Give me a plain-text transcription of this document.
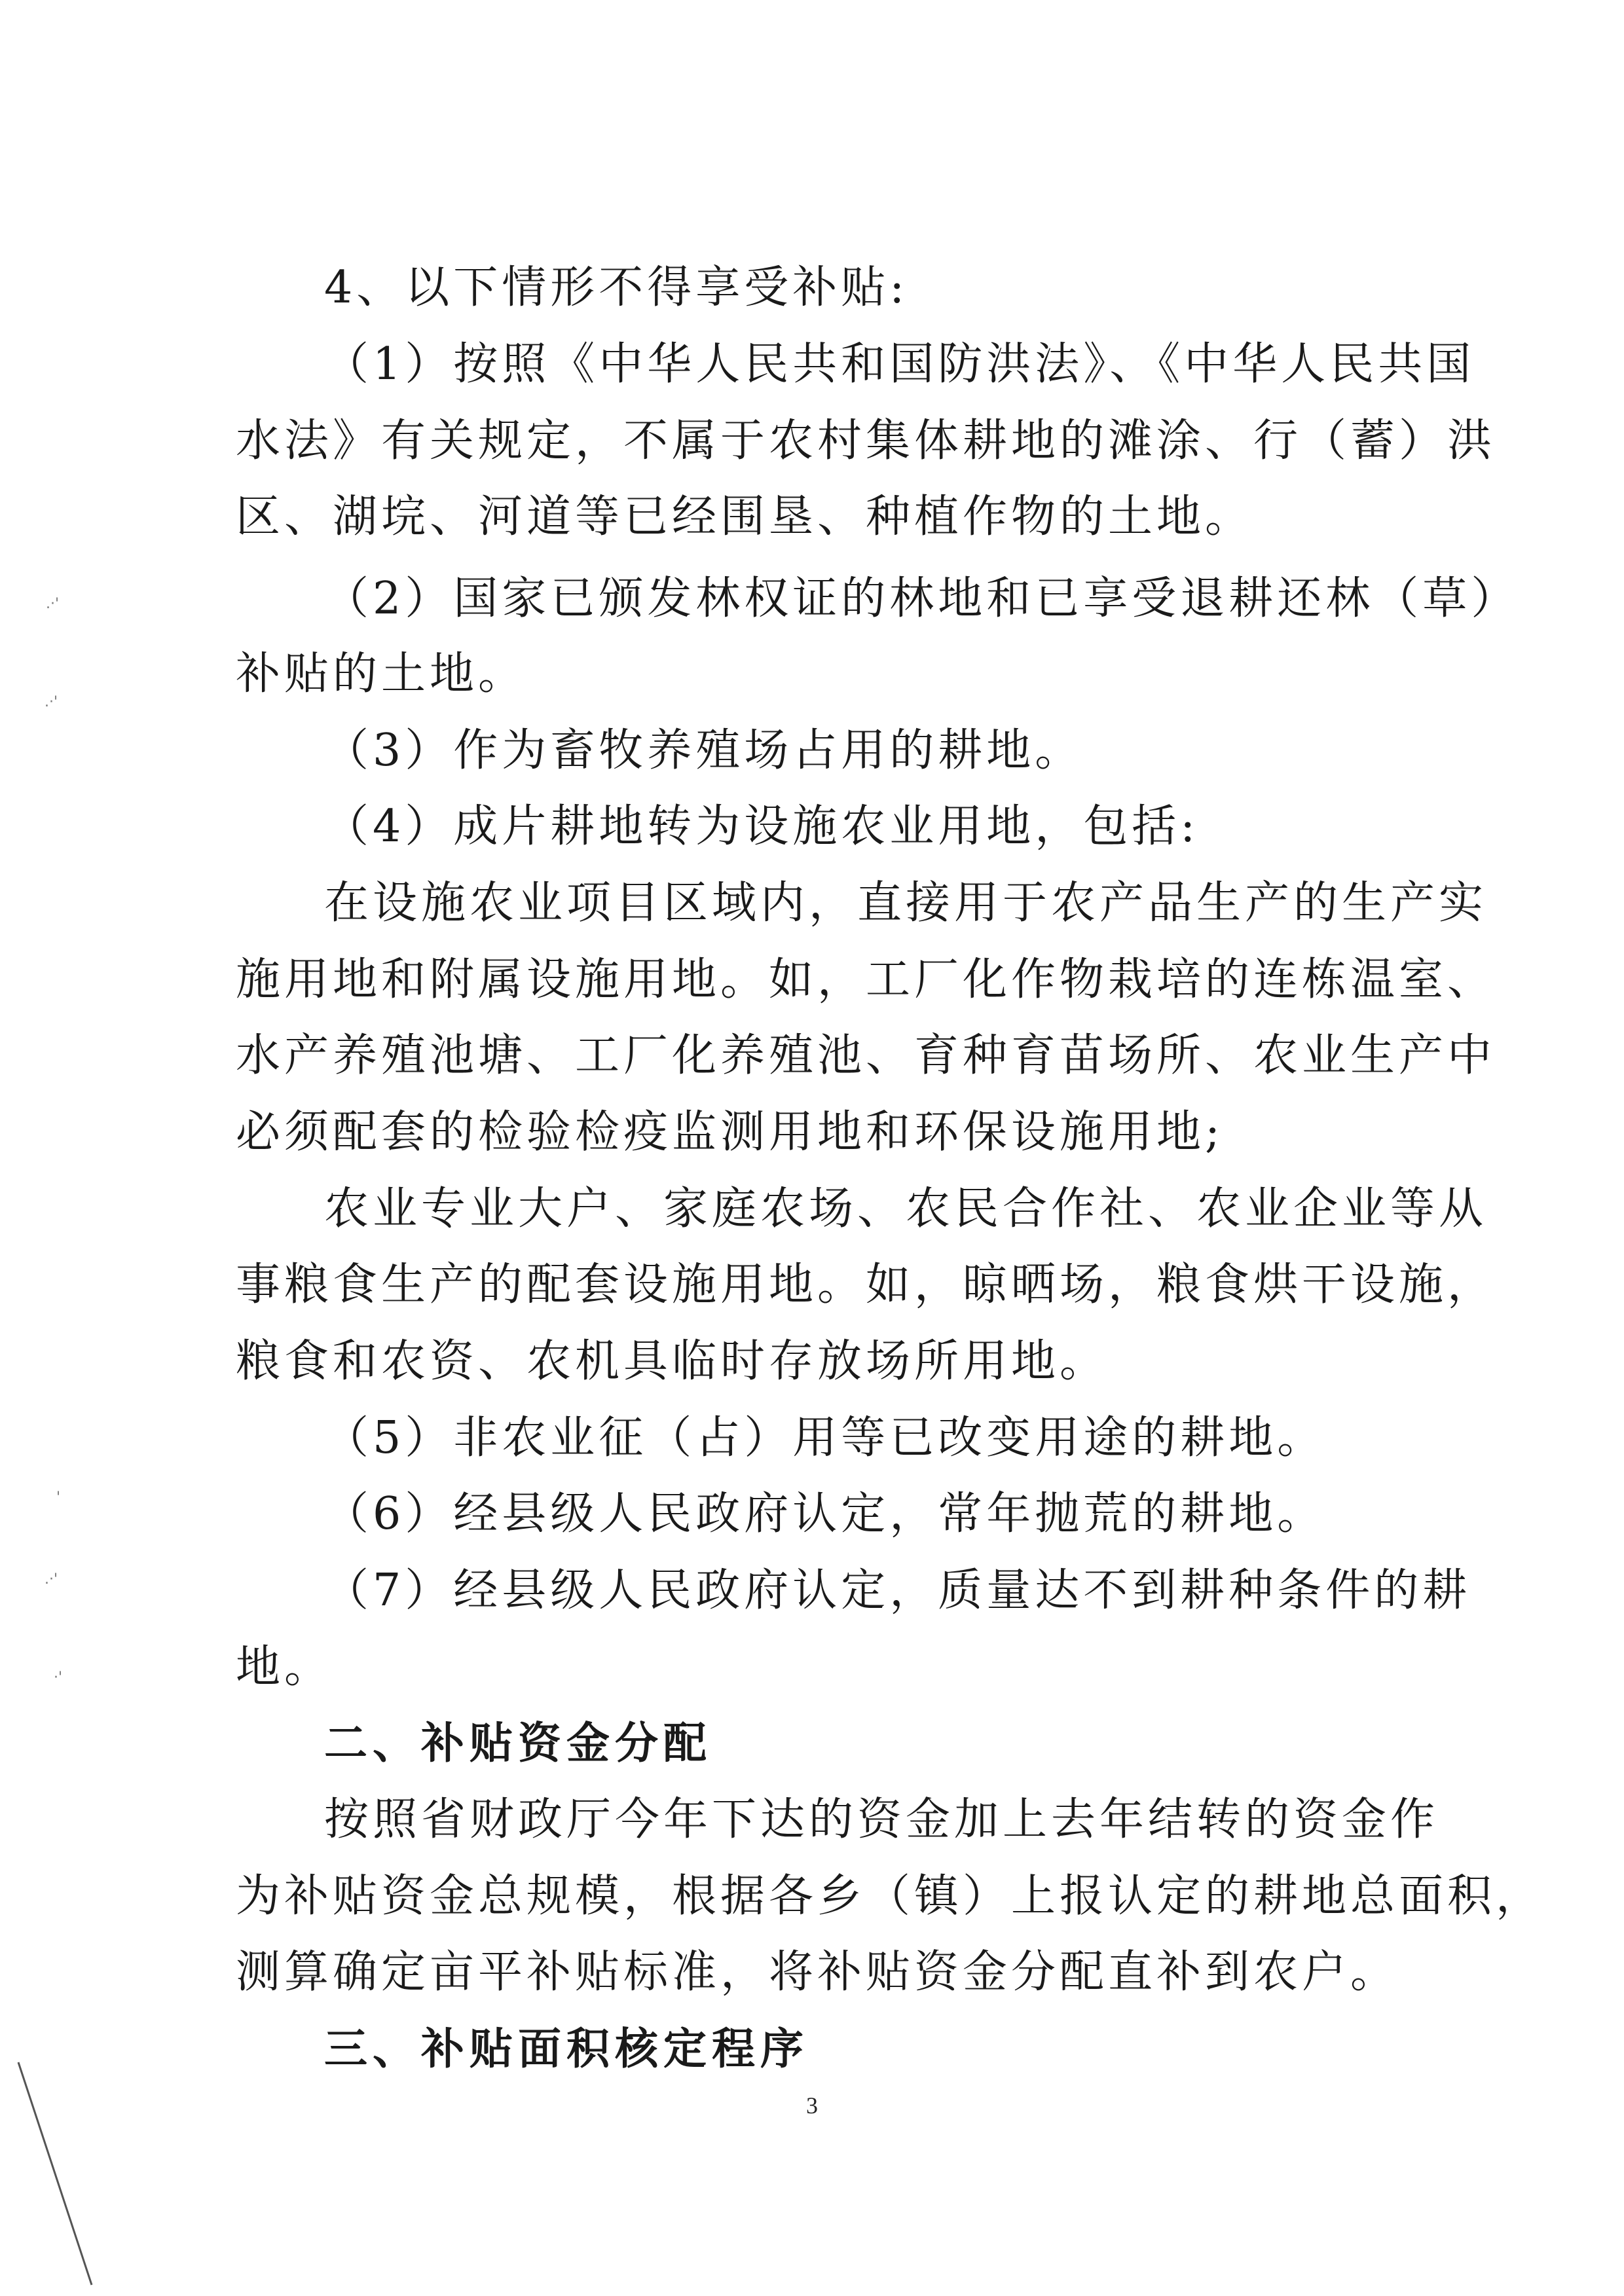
4、以下情形不得享受补贴:
（1）按照《中华人民共和国防洪法》、《中华人民共国
水法》有关规定，不属于农村集体耕地的滩涂、行（蓄）洪
区、湖垸、河道等已经围垦、种植作物的土地。
（2）国家已颁发林权证的林地和已享受退耕还林（草）
补贴的土地。
（3）作为畜牧养殖场占用的耕地。
（4）成片耕地转为设施农业用地，包括:
在设施农业项目区域内，直接用于农产品生产的生产实
施用地和附属设施用地。如，工厂化作物栽培的连栋温室、
水产养殖池塘、工厂化养殖池、育种育苗场所、农业生产中
必须配套的检验检疫监测用地和环保设施用地;
农业专业大户、家庭农场、农民合作社、农业企业等从
事粮食生产的配套设施用地。如，晾晒场，粮食烘干设施，
粮食和农资、农机具临时存放场所用地。
（5）非农业征（占）用等已改变用途的耕地。
（6）经县级人民政府认定，常年抛荒的耕地。
（7）经县级人民政府认定，质量达不到耕种条件的耕
地。
二、补贴资金分配
按照省财政厅今年下达的资金加上去年结转的资金作
为补贴资金总规模，根据各乡（镇）上报认定的耕地总面积，
测算确定亩平补贴标准，将补贴资金分配直补到农户。
三、补贴面积核定程序
3
.·'
.·'
'
.·'
·'
